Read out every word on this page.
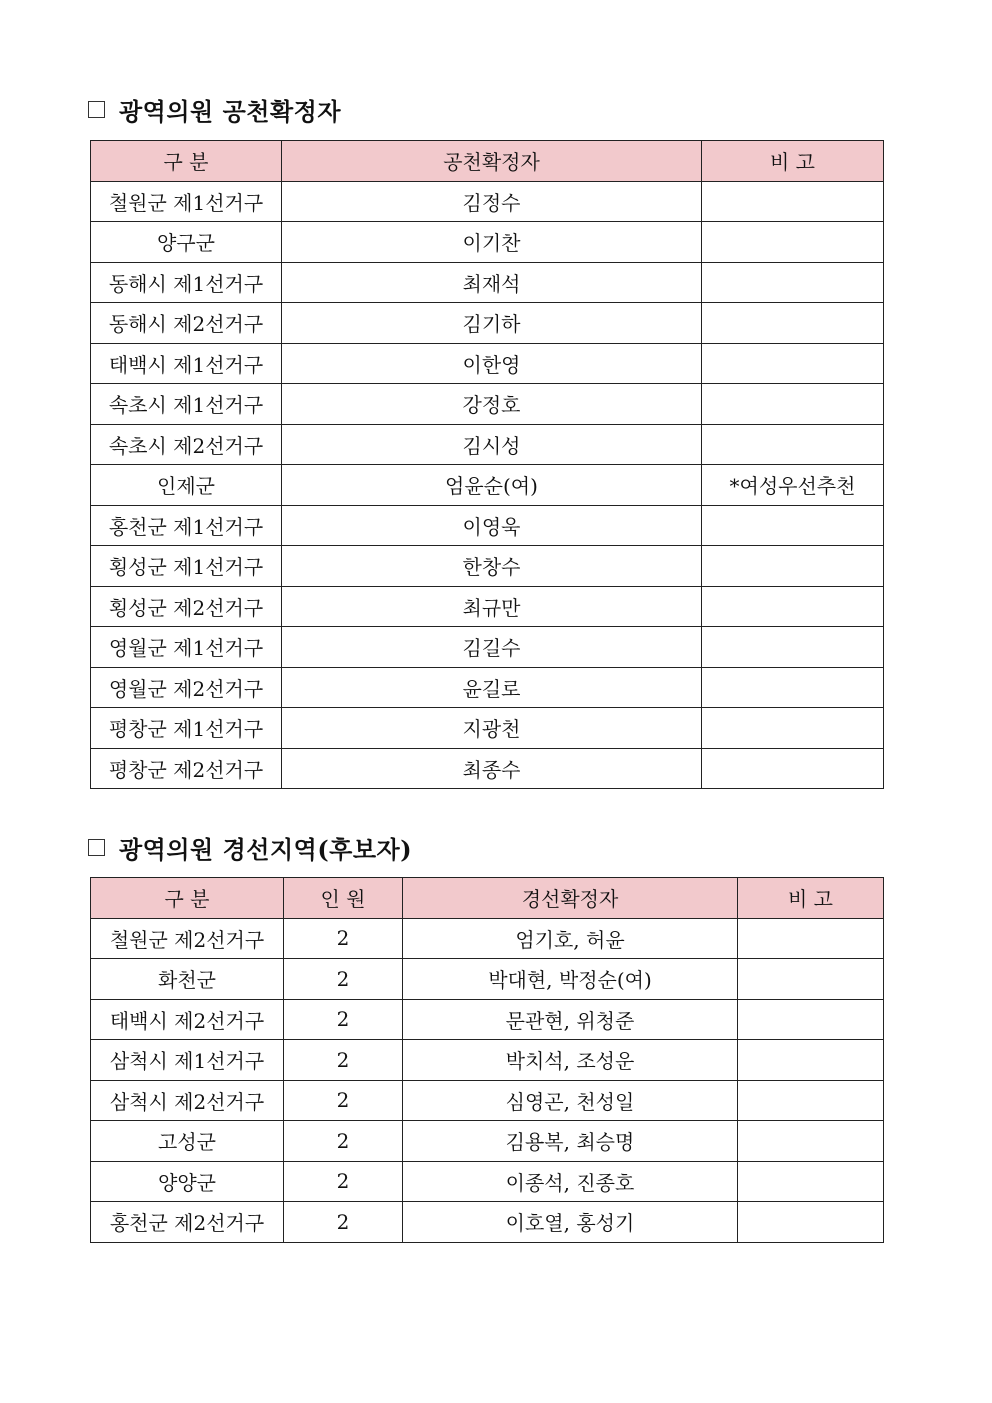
광역의원 공천확정자
구 분	공천확정자	비 고
철원군 제1선거구	김정수	
양구군	이기찬	
동해시 제1선거구	최재석	
동해시 제2선거구	김기하	
태백시 제1선거구	이한영	
속초시 제1선거구	강정호	
속초시 제2선거구	김시성	
인제군	엄윤순(여)	*여성우선추천
홍천군 제1선거구	이영욱	
횡성군 제1선거구	한창수	
횡성군 제2선거구	최규만	
영월군 제1선거구	김길수	
영월군 제2선거구	윤길로	
평창군 제1선거구	지광천	
평창군 제2선거구	최종수	
광역의원 경선지역(후보자)
구 분	인 원	경선확정자	비 고
철원군 제2선거구	2	엄기호, 허윤	
화천군	2	박대현, 박정순(여)	
태백시 제2선거구	2	문관현, 위청준	
삼척시 제1선거구	2	박치석, 조성운	
삼척시 제2선거구	2	심영곤, 천성일	
고성군	2	김용복, 최승명	
양양군	2	이종석, 진종호	
홍천군 제2선거구	2	이호열, 홍성기	
